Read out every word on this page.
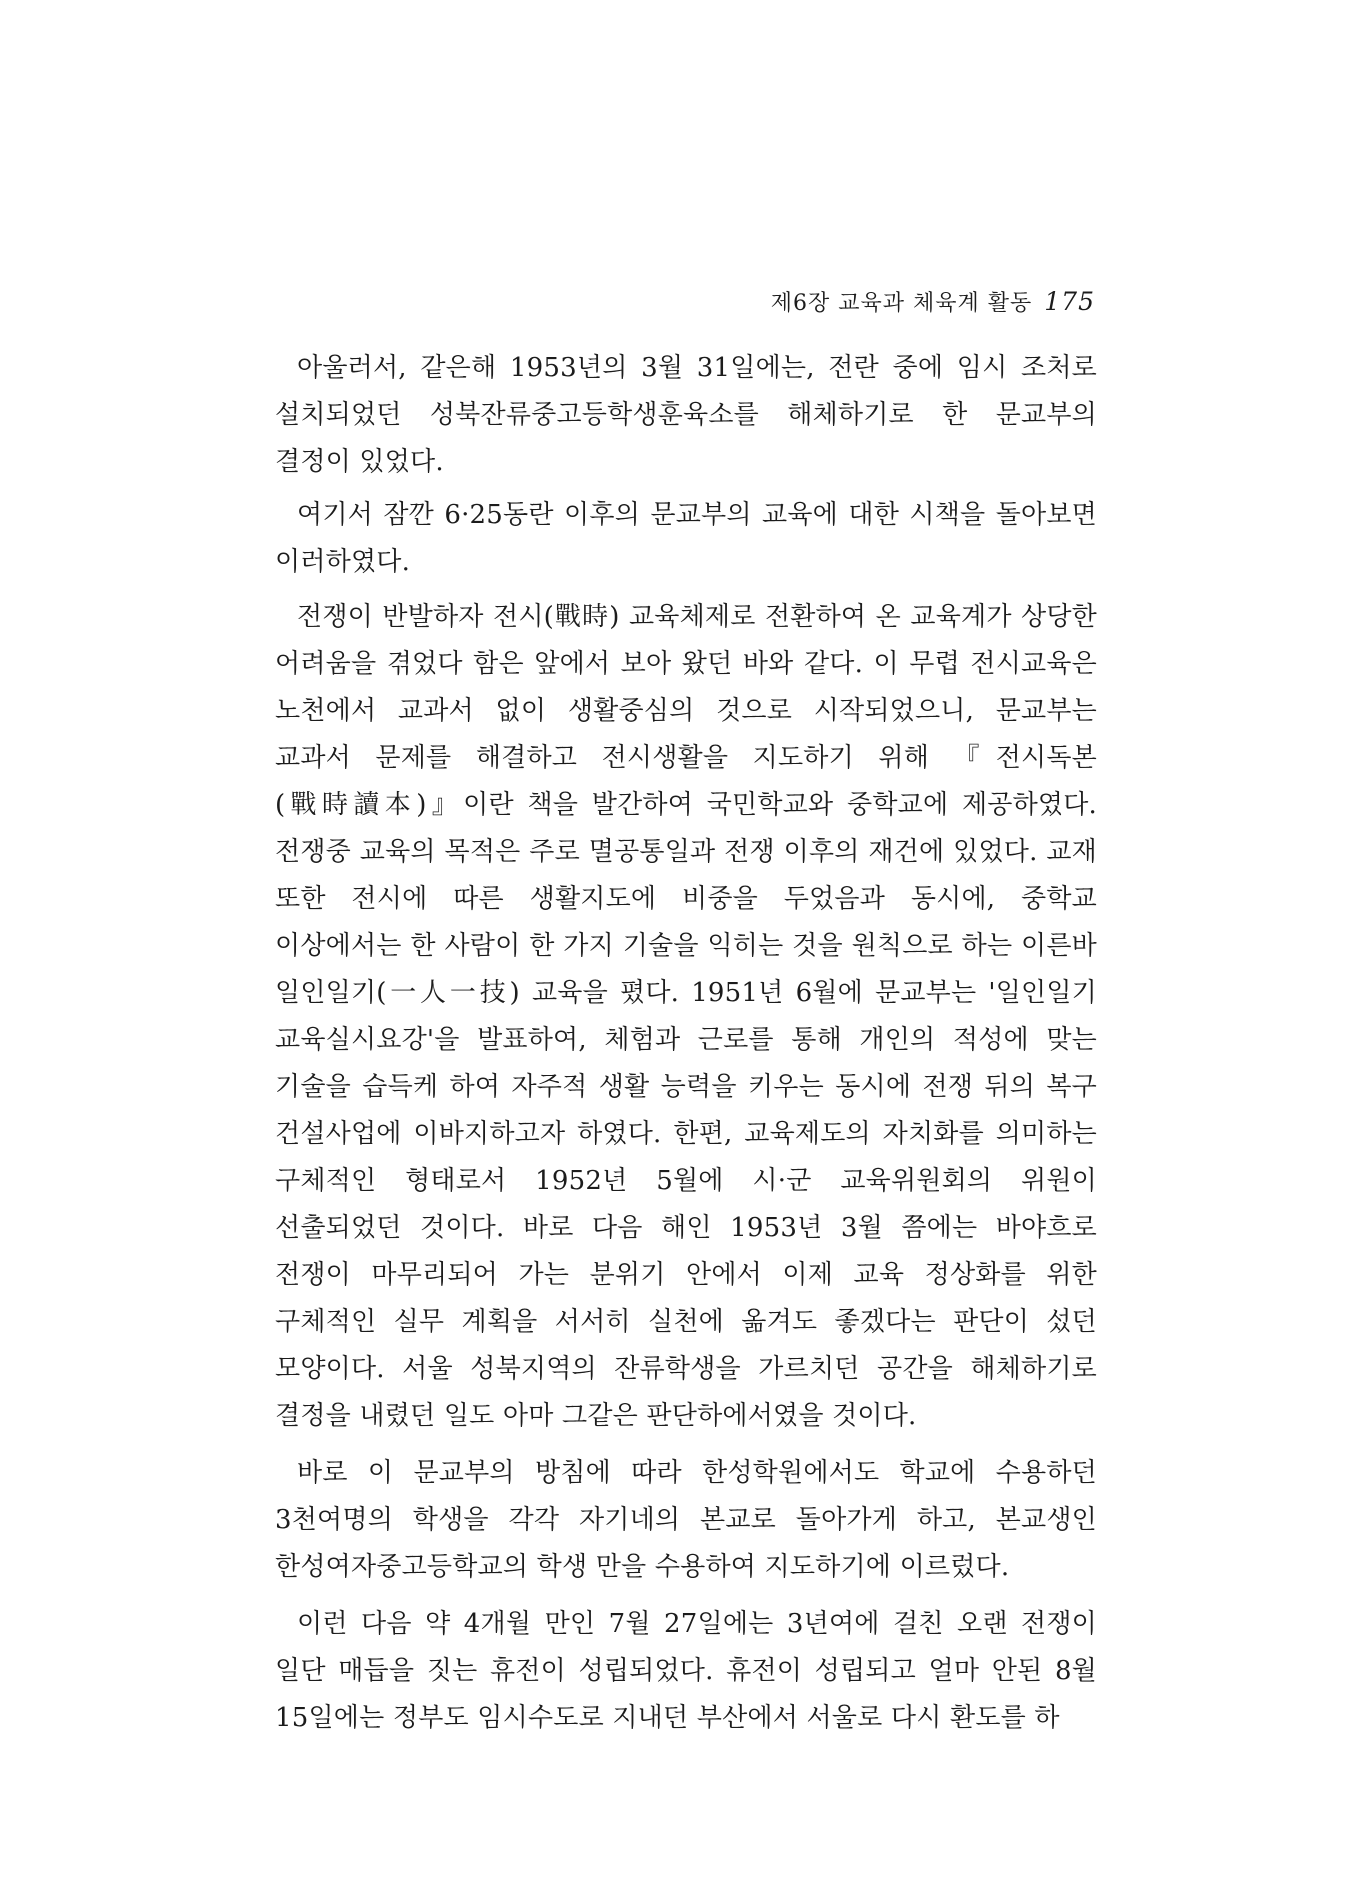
제6장 교육과 체육계 활동 175

아울러서, 같은해 1953년의 3월 31일에는, 전란 중에 임시 조처로 설치되었던 성북잔류중고등학생훈육소를 해체하기로 한 문교부의 결정이 있었다.

여기서 잠깐 6·25동란 이후의 문교부의 교육에 대한 시책을 돌아보면 이러하였다.

전쟁이 반발하자 전시(戰時) 교육체제로 전환하여 온 교육계가 상당한 어려움을 겪었다 함은 앞에서 보아 왔던 바와 같다. 이 무렵 전시교육은 노천에서 교과서 없이 생활중심의 것으로 시작되었으니, 문교부는 교과서 문제를 해결하고 전시생활을 지도하기 위해 『전시독본(戰時讀本)』이란 책을 발간하여 국민학교와 중학교에 제공하였다. 전쟁중 교육의 목적은 주로 멸공통일과 전쟁 이후의 재건에 있었다. 교재 또한 전시에 따른 생활지도에 비중을 두었음과 동시에, 중학교 이상에서는 한 사람이 한 가지 기술을 익히는 것을 원칙으로 하는 이른바 일인일기(一人一技) 교육을 폈다. 1951년 6월에 문교부는 '일인일기 교육실시요강'을 발표하여, 체험과 근로를 통해 개인의 적성에 맞는 기술을 습득케 하여 자주적 생활 능력을 키우는 동시에 전쟁 뒤의 복구 건설사업에 이바지하고자 하였다. 한편, 교육제도의 자치화를 의미하는 구체적인 형태로서 1952년 5월에 시·군 교육위원회의 위원이 선출되었던 것이다. 바로 다음 해인 1953년 3월 쯤에는 바야흐로 전쟁이 마무리되어 가는 분위기 안에서 이제 교육 정상화를 위한 구체적인 실무 계획을 서서히 실천에 옮겨도 좋겠다는 판단이 섰던 모양이다. 서울 성북지역의 잔류학생을 가르치던 공간을 해체하기로 결정을 내렸던 일도 아마 그같은 판단하에서였을 것이다.

바로 이 문교부의 방침에 따라 한성학원에서도 학교에 수용하던 3천여명의 학생을 각각 자기네의 본교로 돌아가게 하고, 본교생인 한성여자중고등학교의 학생 만을 수용하여 지도하기에 이르렀다.

이런 다음 약 4개월 만인 7월 27일에는 3년여에 걸친 오랜 전쟁이 일단 매듭을 짓는 휴전이 성립되었다. 휴전이 성립되고 얼마 안된 8월 15일에는 정부도 임시수도로 지내던 부산에서 서울로 다시 환도를 하
